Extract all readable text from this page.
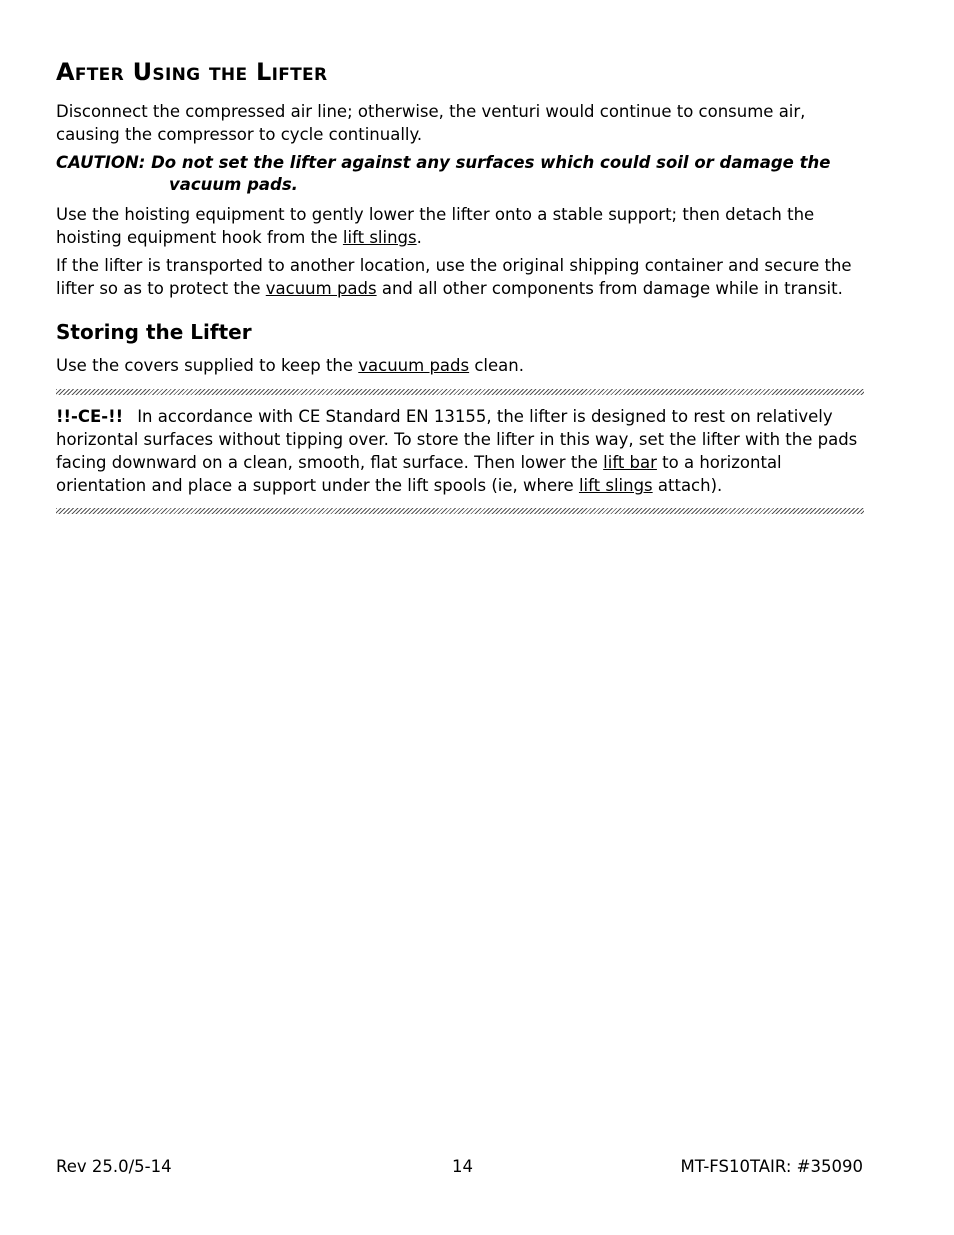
After Using the Lifter

Disconnect the compressed air line; otherwise, the venturi would continue to consume air, causing the compressor to cycle continually.

CAUTION: Do not set the lifter against any surfaces which could soil or damage the
vacuum pads.

Use the hoisting equipment to gently lower the lifter onto a stable support; then detach the hoisting equipment hook from the lift slings.

If the lifter is transported to another location, use the original shipping container and secure the lifter so as to protect the vacuum pads and all other components from damage while in transit.

Storing the Lifter

Use the covers supplied to keep the vacuum pads clean.

!!-CE-!! In accordance with CE Standard EN 13155, the lifter is designed to rest on relatively horizontal surfaces without tipping over. To store the lifter in this way, set the lifter with the pads facing downward on a clean, smooth, flat surface. Then lower the lift bar to a horizontal orientation and place a support under the lift spools (ie, where lift slings attach).

Rev 25.0/5-14	14	MT-FS10TAIR: #35090
